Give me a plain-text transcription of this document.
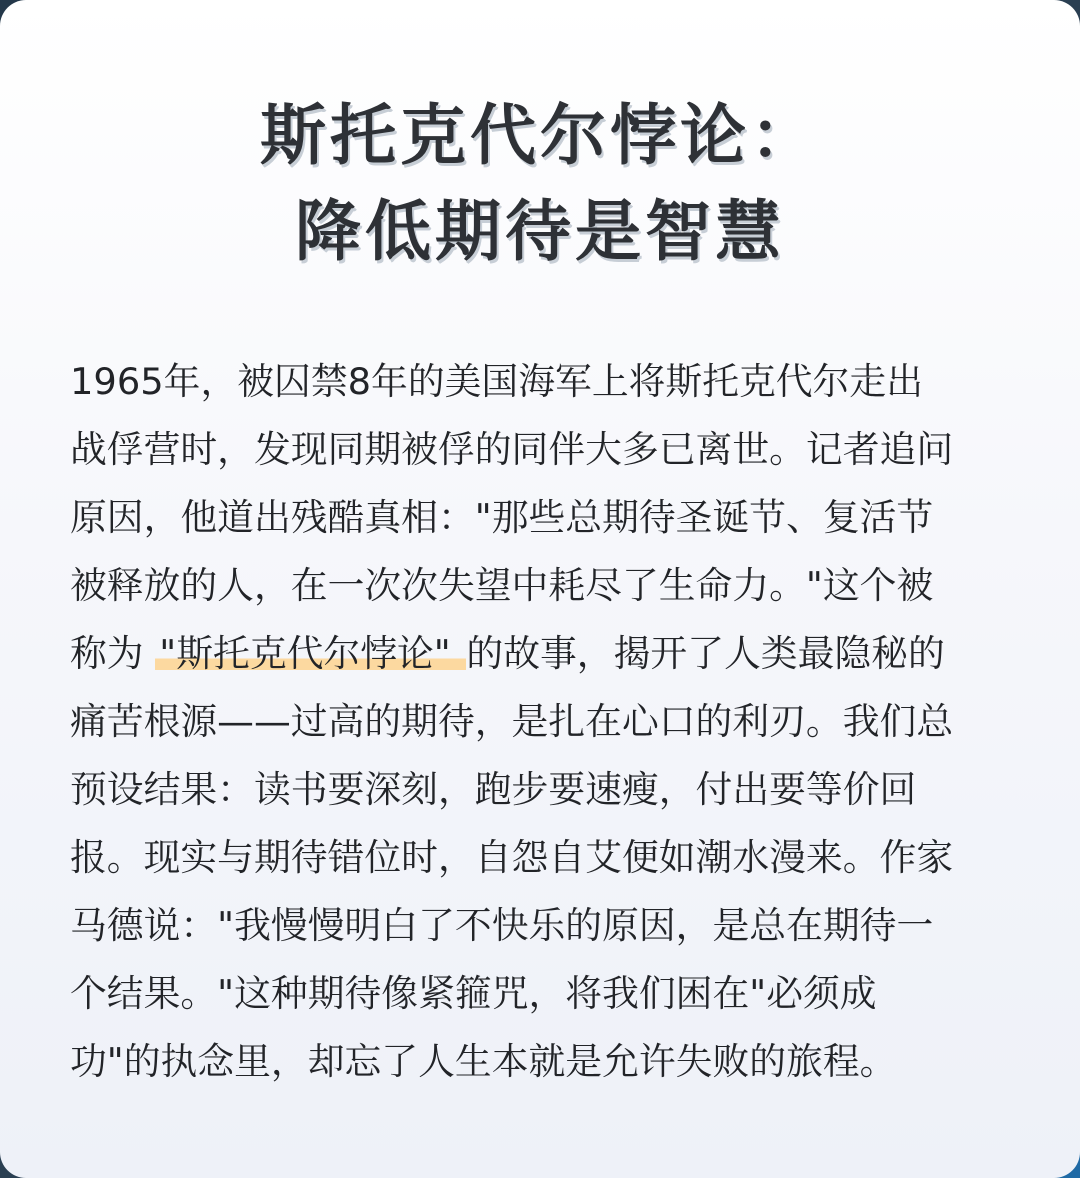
斯托克代尔悖论：
降低期待是智慧
1965年，被囚禁8年的美国海军上将斯托克代尔走出
战俘营时，发现同期被俘的同伴大多已离世。记者追问
原因，他道出残酷真相："那些总期待圣诞节、复活节
被释放的人，在一次次失望中耗尽了生命力。"这个被
称为 "斯托克代尔悖论" 的故事，揭开了人类最隐秘的
痛苦根源——过高的期待，是扎在心口的利刃。我们总
预设结果：读书要深刻，跑步要速瘦，付出要等价回
报。现实与期待错位时，自怨自艾便如潮水漫来。作家
马德说："我慢慢明白了不快乐的原因，是总在期待一
个结果。"这种期待像紧箍咒，将我们困在"必须成
功"的执念里，却忘了人生本就是允许失败的旅程。
